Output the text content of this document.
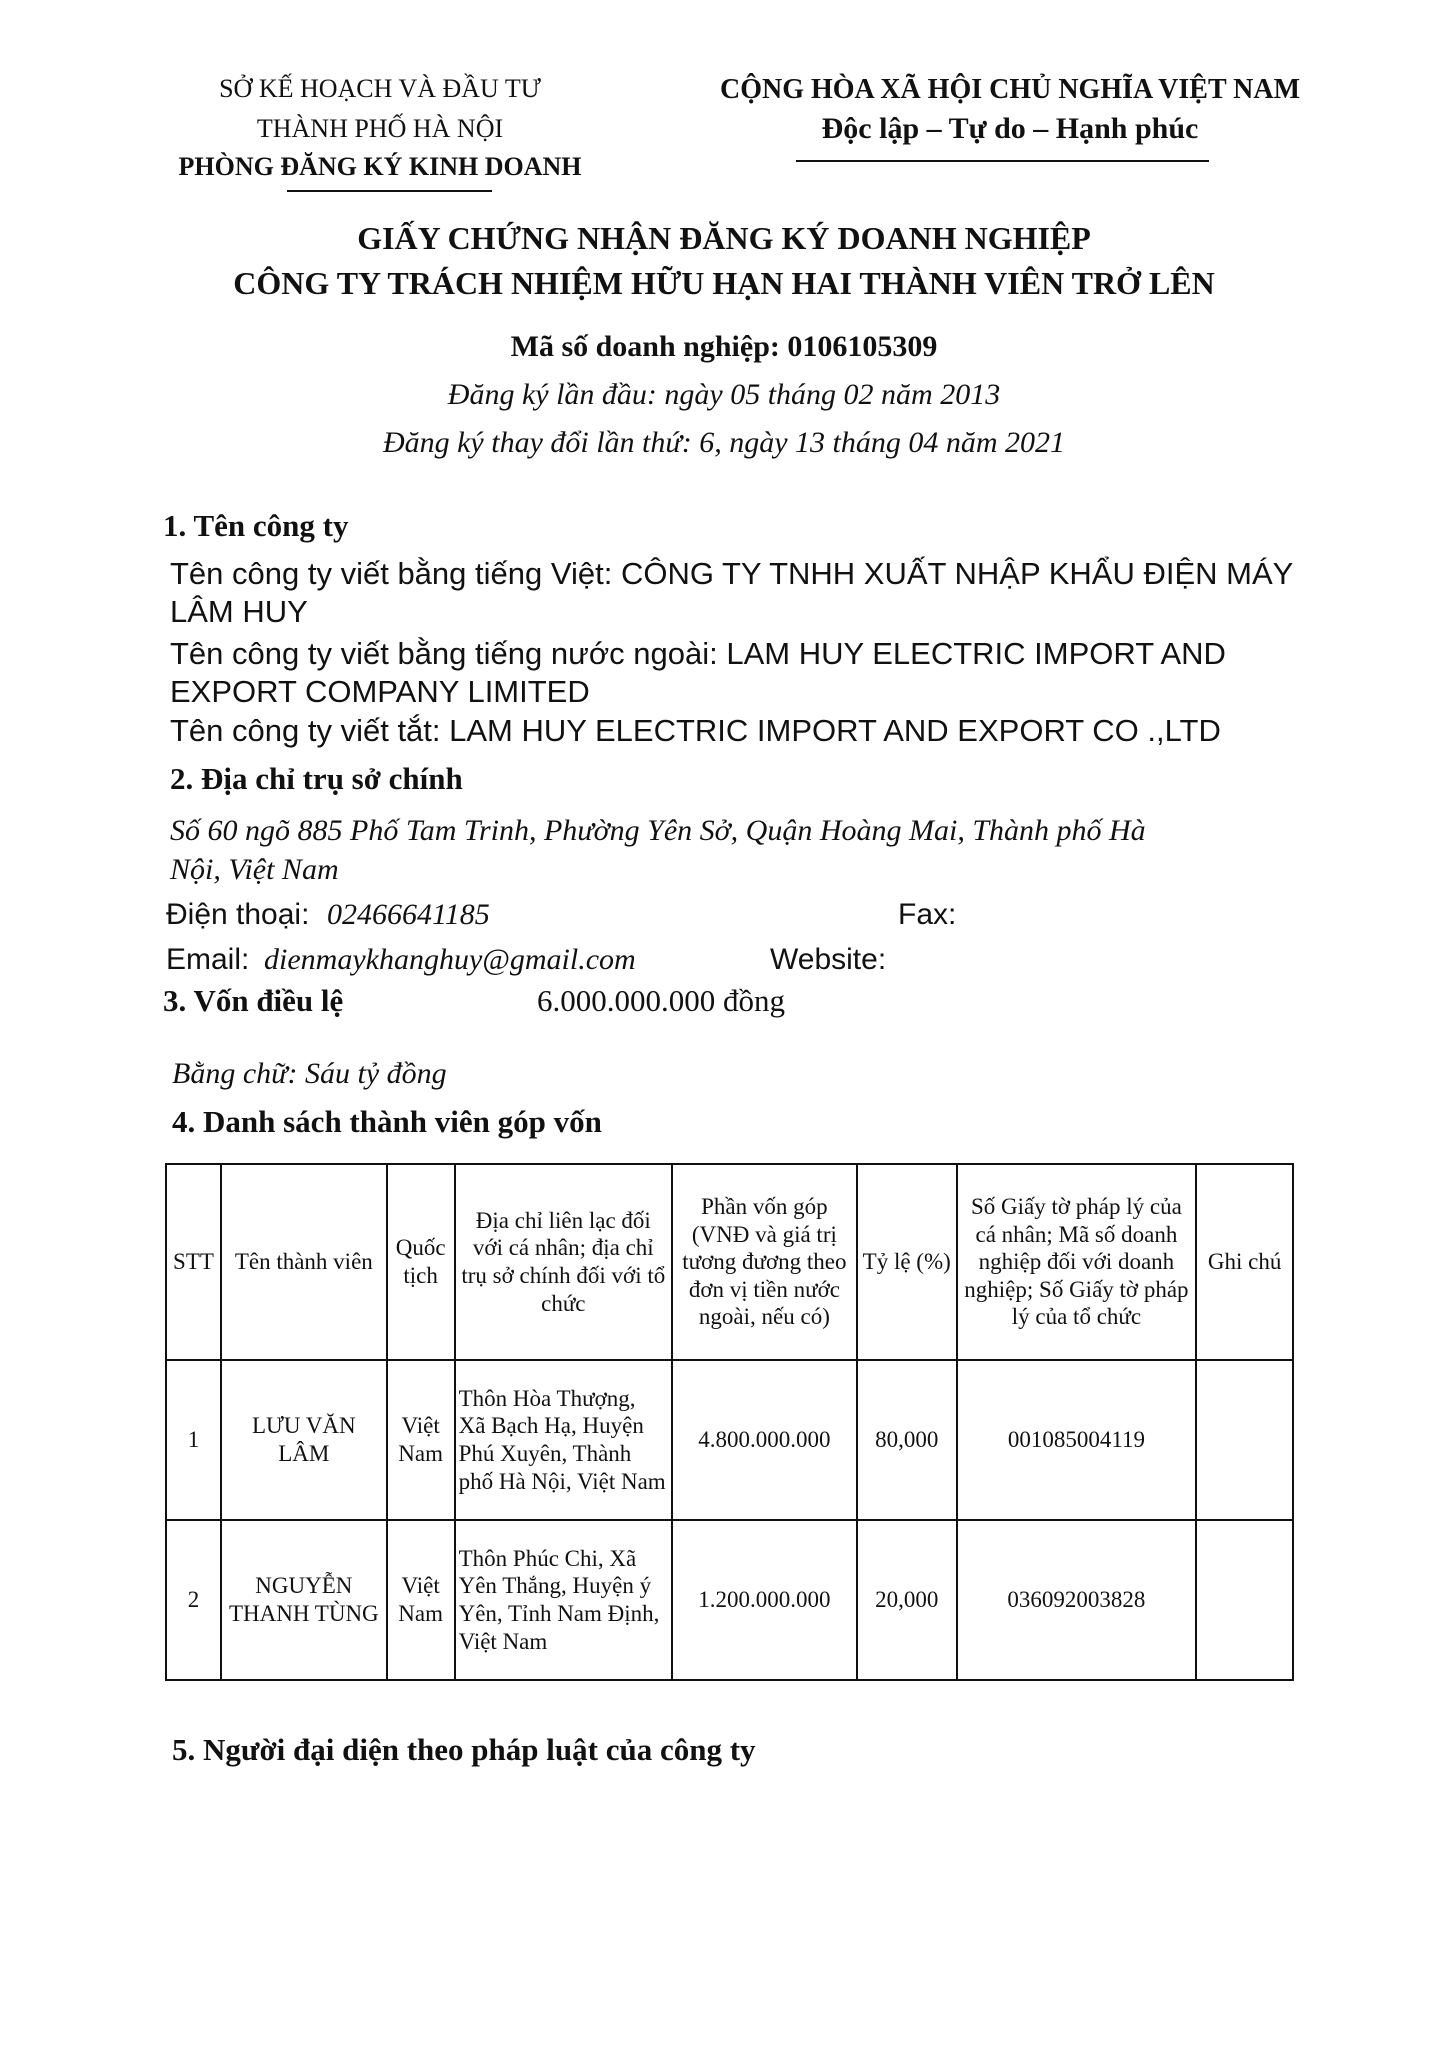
SỞ KẾ HOẠCH VÀ ĐẦU TƯ
THÀNH PHỐ HÀ NỘI
PHÒNG ĐĂNG KÝ KINH DOANH
CỘNG HÒA XÃ HỘI CHỦ NGHĨA VIỆT NAM
Độc lập – Tự do – Hạnh phúc
GIẤY CHỨNG NHẬN ĐĂNG KÝ DOANH NGHIỆP
CÔNG TY TRÁCH NHIỆM HỮU HẠN HAI THÀNH VIÊN TRỞ LÊN
Mã số doanh nghiệp: 0106105309
Đăng ký lần đầu: ngày 05 tháng 02 năm 2013
Đăng ký thay đổi lần thứ: 6, ngày 13 tháng 04 năm 2021
1. Tên công ty
Tên công ty viết bằng tiếng Việt: CÔNG TY TNHH XUẤT NHẬP KHẨU ĐIỆN MÁY
LÂM HUY
Tên công ty viết bằng tiếng nước ngoài: LAM HUY ELECTRIC IMPORT AND
EXPORT COMPANY LIMITED
Tên công ty viết tắt: LAM HUY ELECTRIC IMPORT AND EXPORT CO .,LTD
2. Địa chỉ trụ sở chính
Số 60 ngõ 885 Phố Tam Trinh, Phường Yên Sở, Quận Hoàng Mai, Thành phố Hà
Nội, Việt Nam
Điện thoại: 02466641185	Fax:
Email: dienmaykhanghuy@gmail.com	Website:
3. Vốn điều lệ	6.000.000.000 đồng
Bằng chữ: Sáu tỷ đồng
4. Danh sách thành viên góp vốn
STT	Tên thành viên	Quốc tịch	Địa chỉ liên lạc đối với cá nhân; địa chỉ trụ sở chính đối với tổ chức	Phần vốn góp (VNĐ và giá trị tương đương theo đơn vị tiền nước ngoài, nếu có)	Tỷ lệ (%)	Số Giấy tờ pháp lý của cá nhân; Mã số doanh nghiệp đối với doanh nghiệp; Số Giấy tờ pháp lý của tổ chức	Ghi chú
1	LƯU VĂN LÂM	Việt Nam	Thôn Hòa Thượng, Xã Bạch Hạ, Huyện Phú Xuyên, Thành phố Hà Nội, Việt Nam	4.800.000.000	80,000	001085004119	
2	NGUYỄN THANH TÙNG	Việt Nam	Thôn Phúc Chi, Xã Yên Thắng, Huyện ý Yên, Tỉnh Nam Định, Việt Nam	1.200.000.000	20,000	036092003828	
5. Người đại diện theo pháp luật của công ty
